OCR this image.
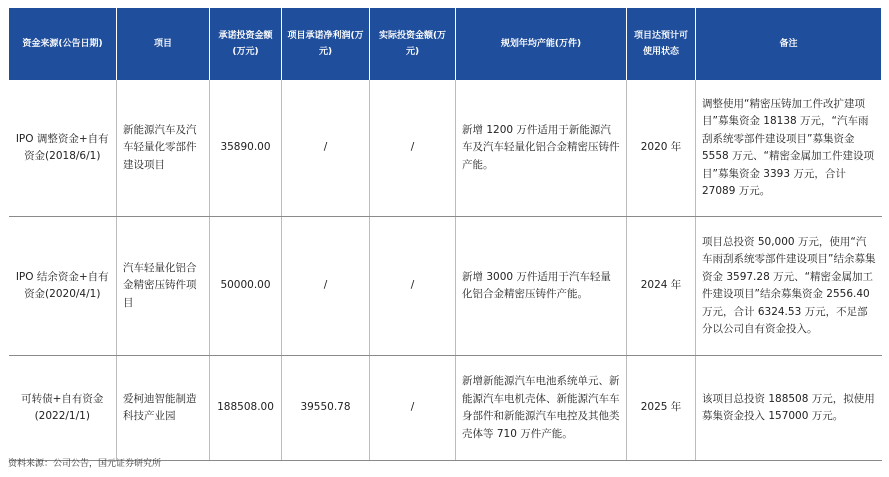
资金来源(公告日期)	项目	承诺投资金额(万元)	项目承诺净利润(万元)	实际投资金额(万元)	规划年均产能(万件)	项目达预计可使用状态	备注
IPO 调整资金+自有资金(2018/6/1)	新能源汽车及汽车轻量化零部件建设项目	35890.00	/	/	新增 1200 万件适用于新能源汽车及汽车轻量化铝合金精密压铸件产能。	2020 年	调整使用“精密压铸加工件改扩建项目”募集资金 18138 万元，“汽车雨刮系统零部件建设项目”募集资金 5558 万元、“精密金属加工件建设项目”募集资金 3393 万元，合计 27089 万元。
IPO 结余资金+自有资金(2020/4/1)	汽车轻量化铝合金精密压铸件项目	50000.00	/	/	新增 3000 万件适用于汽车轻量化铝合金精密压铸件产能。	2024 年	项目总投资 50,000 万元，使用“汽车雨刮系统零部件建设项目”结余募集资金 3597.28 万元、“精密金属加工件建设项目”结余募集资金 2556.40 万元，合计 6324.53 万元，不足部分以公司自有资金投入。
可转债+自有资金(2022/1/1)	爱柯迪智能制造科技产业园	188508.00	39550.78	/	新增新能源汽车电池系统单元、新能源汽车电机壳体、新能源汽车车身部件和新能源汽车电控及其他类壳体等 710 万件产能。	2025 年	该项目总投资 188508 万元，拟使用募集资金投入 157000 万元。
资料来源：公司公告，国元证券研究所
